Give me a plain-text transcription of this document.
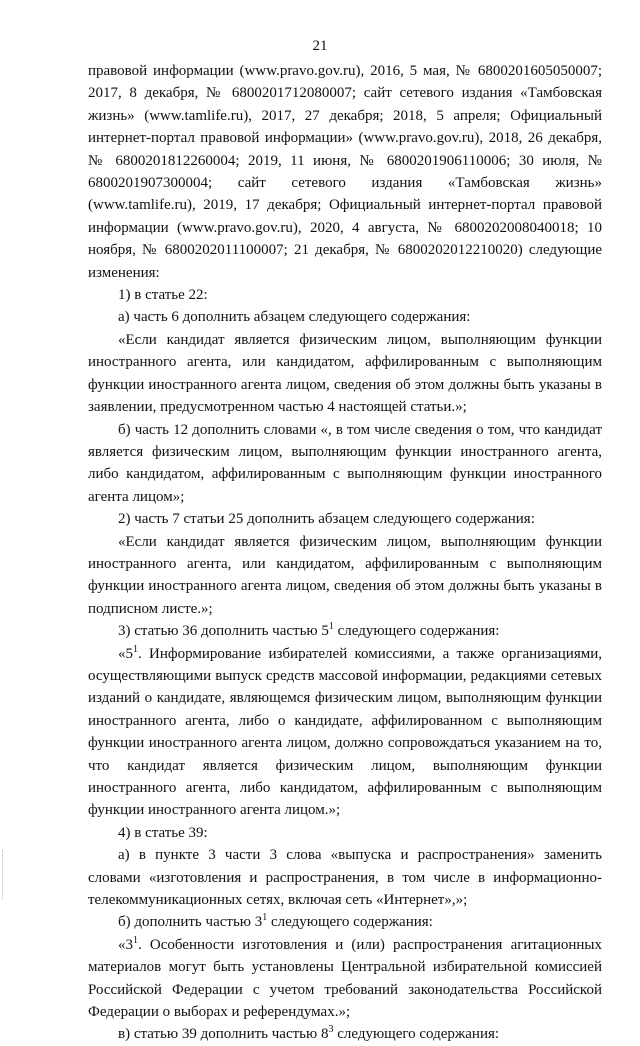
21

правовой информации (www.pravo.gov.ru), 2016, 5 мая, № 6800201605050007; 2017, 8 декабря, № 6800201712080007; сайт сетевого издания «Тамбовская жизнь» (www.tamlife.ru), 2017, 27 декабря; 2018, 5 апреля; Официальный интернет-портал правовой информации» (www.pravo.gov.ru), 2018, 26 декабря, № 6800201812260004; 2019, 11 июня, № 6800201906110006; 30 июля, № 6800201907300004; сайт сетевого издания «Тамбовская жизнь» (www.tamlife.ru), 2019, 17 декабря; Официальный интернет-портал правовой информации (www.pravo.gov.ru), 2020, 4 августа, № 6800202008040018; 10 ноября, № 6800202011100007; 21 декабря, № 6800202012210020) следующие изменения:

1) в статье 22:

а) часть 6 дополнить абзацем следующего содержания:

«Если кандидат является физическим лицом, выполняющим функции иностранного агента, или кандидатом, аффилированным с выполняющим функции иностранного агента лицом, сведения об этом должны быть указаны в заявлении, предусмотренном частью 4 настоящей статьи.»;

б) часть 12 дополнить словами «, в том числе сведения о том, что кандидат является физическим лицом, выполняющим функции иностранного агента, либо кандидатом, аффилированным с выполняющим функции иностранного агента лицом»;

2) часть 7 статьи 25 дополнить абзацем следующего содержания:

«Если кандидат является физическим лицом, выполняющим функции иностранного агента, или кандидатом, аффилированным с выполняющим функции иностранного агента лицом, сведения об этом должны быть указаны в подписном листе.»;

3) статью 36 дополнить частью $5^1$ следующего содержания:

«$5^1$. Информирование избирателей комиссиями, а также организациями, осуществляющими выпуск средств массовой информации, редакциями сетевых изданий о кандидате, являющемся физическим лицом, выполняющим функции иностранного агента, либо о кандидате, аффилированном с выполняющим функции иностранного агента лицом, должно сопровождаться указанием на то, что кандидат является физическим лицом, выполняющим функции иностранного агента, либо кандидатом, аффилированным с выполняющим функции иностранного агента лицом.»;

4) в статье 39:

а) в пункте 3 части 3 слова «выпуска и распространения» заменить словами «изготовления и распространения, в том числе в информационно-телекоммуникационных сетях, включая сеть «Интернет»,»;

б) дополнить частью $3^1$ следующего содержания:

«$3^1$. Особенности изготовления и (или) распространения агитационных материалов могут быть установлены Центральной избирательной комиссией Российской Федерации с учетом требований законодательства Российской Федерации о выборах и референдумах.»;

в) статью 39 дополнить частью $8^3$ следующего содержания:
